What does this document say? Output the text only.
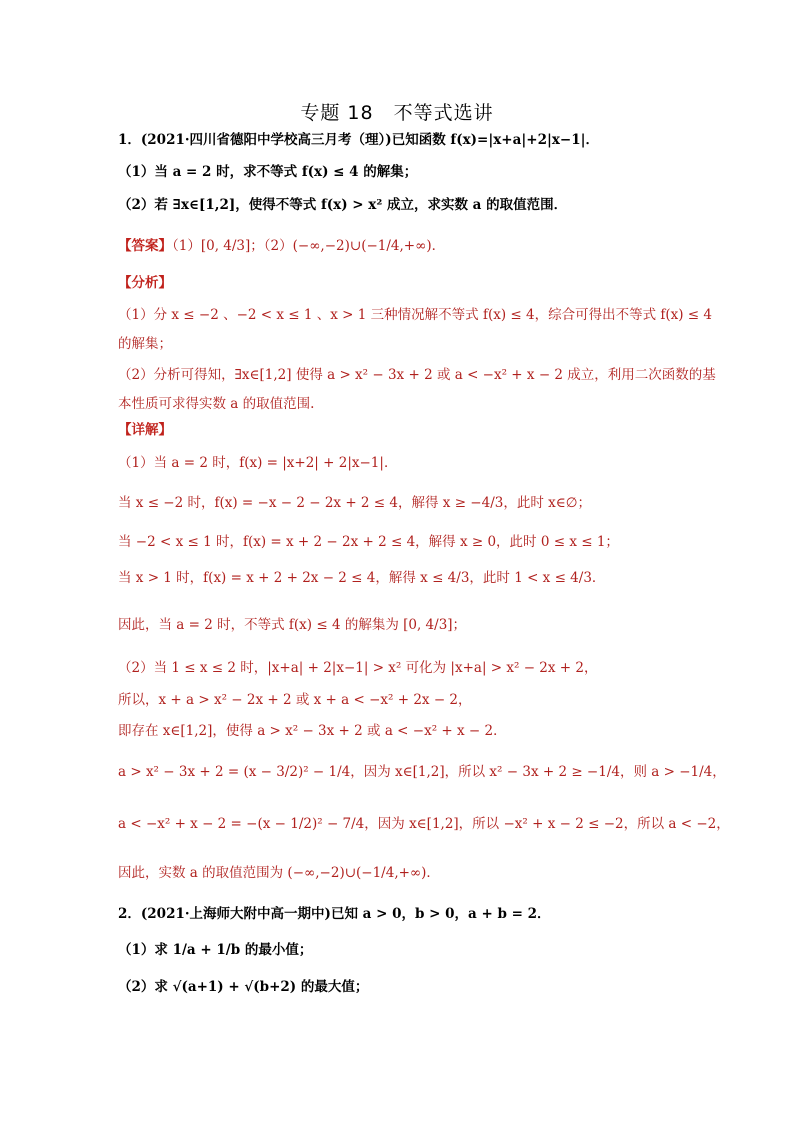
专题 18　不等式选讲
1．(2021·四川省德阳中学校高三月考（理）)已知函数 f(x)=|x+a|+2|x−1|．
（1）当 a = 2 时，求不等式 f(x) ≤ 4 的解集；
（2）若 ∃x∈[1,2]，使得不等式 f(x) > x² 成立，求实数 a 的取值范围．
【答案】（1）[0, 4/3]；（2）(−∞,−2)∪(−1/4,+∞)．
【分析】
（1）分 x ≤ −2 、−2 < x ≤ 1 、x > 1 三种情况解不等式 f(x) ≤ 4，综合可得出不等式 f(x) ≤ 4
的解集；
（2）分析可得知，∃x∈[1,2] 使得 a > x² − 3x + 2 或 a < −x² + x − 2 成立，利用二次函数的基
本性质可求得实数 a 的取值范围.
【详解】
（1）当 a = 2 时，f(x) = |x+2| + 2|x−1|．
当 x ≤ −2 时，f(x) = −x − 2 − 2x + 2 ≤ 4，解得 x ≥ −4/3，此时 x∈∅；
当 −2 < x ≤ 1 时，f(x) = x + 2 − 2x + 2 ≤ 4，解得 x ≥ 0，此时 0 ≤ x ≤ 1；
当 x > 1 时，f(x) = x + 2 + 2x − 2 ≤ 4，解得 x ≤ 4/3，此时 1 < x ≤ 4/3．
因此，当 a = 2 时，不等式 f(x) ≤ 4 的解集为 [0, 4/3]；
（2）当 1 ≤ x ≤ 2 时，|x+a| + 2|x−1| > x² 可化为 |x+a| > x² − 2x + 2，
所以，x + a > x² − 2x + 2 或 x + a < −x² + 2x − 2，
即存在 x∈[1,2]，使得 a > x² − 3x + 2 或 a < −x² + x − 2．
a > x² − 3x + 2 = (x − 3/2)² − 1/4，因为 x∈[1,2]，所以 x² − 3x + 2 ≥ −1/4，则 a > −1/4，
a < −x² + x − 2 = −(x − 1/2)² − 7/4，因为 x∈[1,2]，所以 −x² + x − 2 ≤ −2，所以 a < −2，
因此，实数 a 的取值范围为 (−∞,−2)∪(−1/4,+∞)．
2．(2021·上海师大附中高一期中)已知 a > 0，b > 0，a + b = 2．
（1）求 1/a + 1/b 的最小值；
（2）求 √(a+1) + √(b+2) 的最大值；
